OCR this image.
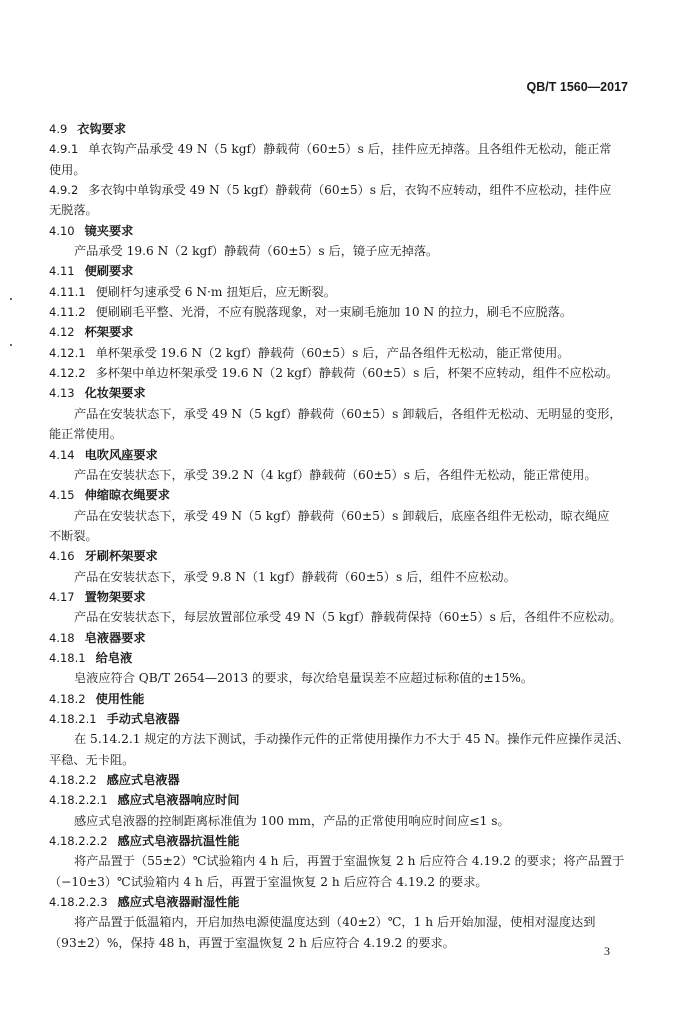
QB/T 1560—2017
4.9 衣钩要求
4.9.1 单衣钩产品承受 49 N（5 kgf）静载荷（60±5）s 后，挂件应无掉落。且各组件无松动，能正常
使用。
4.9.2 多衣钩中单钩承受 49 N（5 kgf）静载荷（60±5）s 后，衣钩不应转动，组件不应松动，挂件应
无脱落。
4.10 镜夹要求
产品承受 19.6 N（2 kgf）静载荷（60±5）s 后，镜子应无掉落。
4.11 便刷要求
4.11.1 便刷杆匀速承受 6 N·m 扭矩后，应无断裂。
4.11.2 便刷刷毛平整、光滑，不应有脱落现象，对一束刷毛施加 10 N 的拉力，刷毛不应脱落。
4.12 杯架要求
4.12.1 单杯架承受 19.6 N（2 kgf）静载荷（60±5）s 后，产品各组件无松动，能正常使用。
4.12.2 多杯架中单边杯架承受 19.6 N（2 kgf）静载荷（60±5）s 后，杯架不应转动，组件不应松动。
4.13 化妆架要求
产品在安装状态下，承受 49 N（5 kgf）静载荷（60±5）s 卸载后，各组件无松动、无明显的变形，
能正常使用。
4.14 电吹风座要求
产品在安装状态下，承受 39.2 N（4 kgf）静载荷（60±5）s 后，各组件无松动，能正常使用。
4.15 伸缩晾衣绳要求
产品在安装状态下，承受 49 N（5 kgf）静载荷（60±5）s 卸载后，底座各组件无松动，晾衣绳应
不断裂。
4.16 牙刷杯架要求
产品在安装状态下，承受 9.8 N（1 kgf）静载荷（60±5）s 后，组件不应松动。
4.17 置物架要求
产品在安装状态下，每层放置部位承受 49 N（5 kgf）静载荷保持（60±5）s 后，各组件不应松动。
4.18 皂液器要求
4.18.1 给皂液
皂液应符合 QB/T 2654—2013 的要求，每次给皂量误差不应超过标称值的±15%。
4.18.2 使用性能
4.18.2.1 手动式皂液器
在 5.14.2.1 规定的方法下测试，手动操作元件的正常使用操作力不大于 45 N。操作元件应操作灵活、
平稳、无卡阻。
4.18.2.2 感应式皂液器
4.18.2.2.1 感应式皂液器响应时间
感应式皂液器的控制距离标准值为 100 mm，产品的正常使用响应时间应≤1 s。
4.18.2.2.2 感应式皂液器抗温性能
将产品置于（55±2）℃试验箱内 4 h 后，再置于室温恢复 2 h 后应符合 4.19.2 的要求；将产品置于
（−10±3）℃试验箱内 4 h 后，再置于室温恢复 2 h 后应符合 4.19.2 的要求。
4.18.2.2.3 感应式皂液器耐湿性能
将产品置于低温箱内，开启加热电源使温度达到（40±2）℃，1 h 后开始加湿，使相对湿度达到
（93±2）%，保持 48 h，再置于室温恢复 2 h 后应符合 4.19.2 的要求。
3
